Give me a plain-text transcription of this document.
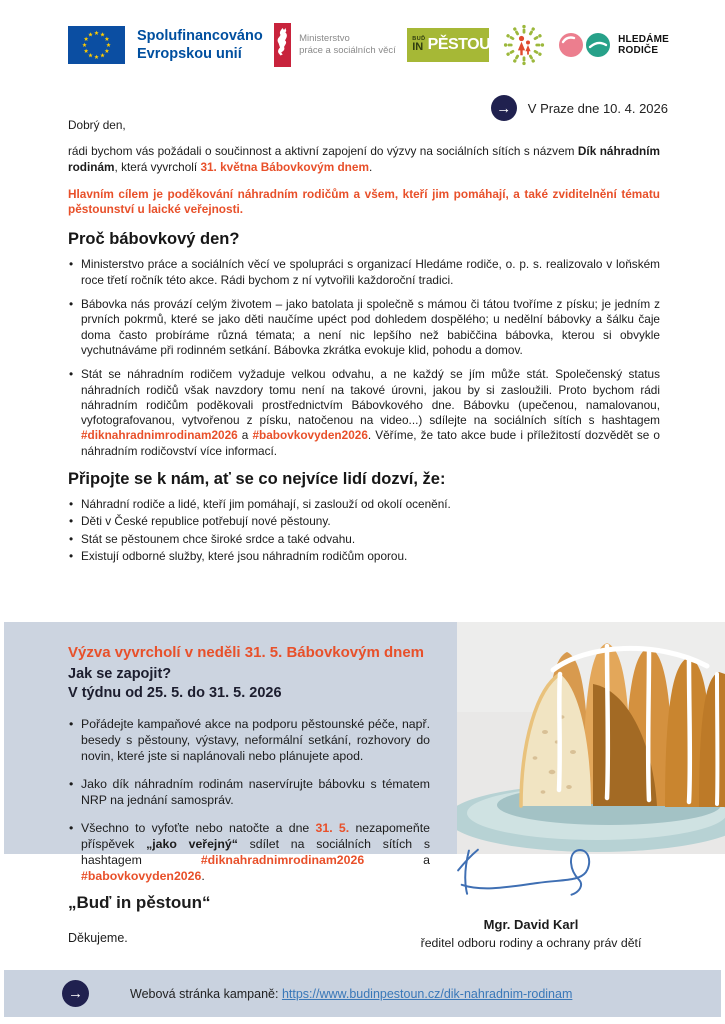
Spolufinancováno
Evropskou unií
Ministerstvo
práce a sociálních věcí
BUĎ
IN PĚSTOUN	HLEDÁME
RODIČE
→	V Praze dne 10. 4. 2026

Dobrý den,

rádi bychom vás požádali o součinnost a aktivní zapojení do výzvy na sociálních sítích s názvem Dík náhradním rodinám, která vyvrcholí 31. května Bábovkovým dnem.

Hlavním cílem je poděkování náhradním rodičům a všem, kteří jim pomáhají, a také zviditelnění tématu pěstounství u laické veřejnosti.

Proč bábovkový den?
• Ministerstvo práce a sociálních věcí ve spolupráci s organizací Hledáme rodiče, o. p. s. realizovalo v loňském roce třetí ročník této akce. Rádi bychom z ní vytvořili každoroční tradici.
• Bábovka nás provází celým životem – jako batolata ji společně s mámou či tátou tvoříme z písku; je jedním z prvních pokrmů, které se jako děti naučíme upéct pod dohledem dospělého; u nedělní bábovky a šálku čaje doma často probíráme různá témata; a není nic lepšího než babiččina bábovka, kterou si obvykle vychutnáváme při rodinném setkání. Bábovka zkrátka evokuje klid, pohodu a domov.
• Stát se náhradním rodičem vyžaduje velkou odvahu, a ne každý se jím může stát. Společenský status náhradních rodičů však navzdory tomu není na takové úrovni, jakou by si zasloužili. Proto bychom rádi náhradním rodičům poděkovali prostřednictvím Bábovkového dne. Bábovku (upečenou, namalovanou, vyfotografovanou, vytvořenou z písku, natočenou na video...) sdílejte na sociálních sítích s hashtagem #diknahradnimrodinam2026 a #babovkovyden2026. Věříme, že tato akce bude i příležitostí dozvědět se o náhradním rodičovství více informací.
Připojte se k nám, ať se co nejvíce lidí dozví, že:
• Náhradní rodiče a lidé, kteří jim pomáhají, si zaslouží od okolí ocenění.
• Děti v České republice potřebují nové pěstouny.
• Stát se pěstounem chce široké srdce a také odvahu.
• Existují odborné služby, které jsou náhradním rodičům oporou.
Výzva vyvrcholí v neděli 31. 5. Bábovkovým dnem
Jak se zapojit?
V týdnu od 25. 5. do 31. 5. 2026
• Pořádejte kampaňové akce na podporu pěstounské péče, např. besedy s pěstouny, výstavy, neformální setkání, rozhovory do novin, které jste si naplánovali nebo plánujete apod.
• Jako dík náhradním rodinám naservírujte bábovku s tématem NRP na jednání samospráv.
• Všechno to vyfoťte nebo natočte a dne 31. 5. nezapomeňte příspěvek „jako veřejný“ sdílet na sociálních sítích s hashtagem #diknahradnimrodinam2026 a #babovkovyden2026.
„Buď in pěstoun“
Děkujeme.
Mgr. David Karl
ředitel odboru rodiny a ochrany práv dětí
→	Webová stránka kampaně: https://www.budinpestoun.cz/dik-nahradnim-rodinam
